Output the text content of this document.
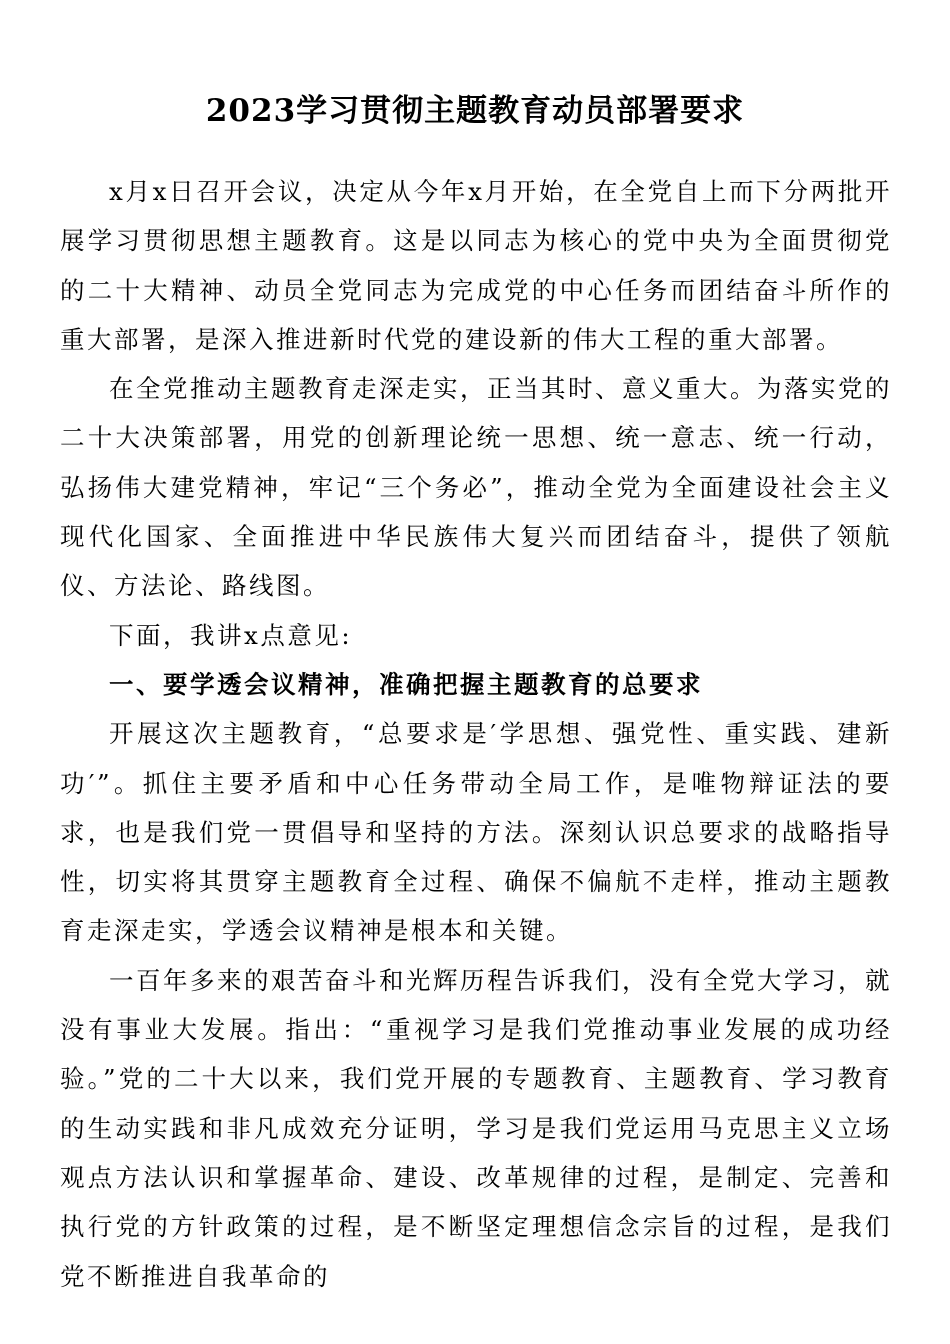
2023学习贯彻主题教育动员部署要求

x月x日召开会议，决定从今年x月开始，在全党自上而下分两批开展学习贯彻思想主题教育。这是以同志为核心的党中央为全面贯彻党的二十大精神、动员全党同志为完成党的中心任务而团结奋斗所作的重大部署，是深入推进新时代党的建设新的伟大工程的重大部署。

在全党推动主题教育走深走实，正当其时、意义重大。为落实党的二十大决策部署，用党的创新理论统一思想、统一意志、统一行动，弘扬伟大建党精神，牢记“三个务必”，推动全党为全面建设社会主义现代化国家、全面推进中华民族伟大复兴而团结奋斗，提供了领航仪、方法论、路线图。

下面，我讲x点意见:

一、要学透会议精神，准确把握主题教育的总要求

开展这次主题教育，“总要求是′学思想、强党性、重实践、建新功′”。抓住主要矛盾和中心任务带动全局工作，是唯物辩证法的要求，也是我们党一贯倡导和坚持的方法。深刻认识总要求的战略指导性，切实将其贯穿主题教育全过程、确保不偏航不走样，推动主题教育走深走实，学透会议精神是根本和关键。

一百年多来的艰苦奋斗和光辉历程告诉我们，没有全党大学习，就没有事业大发展。指出：“重视学习是我们党推动事业发展的成功经验。”党的二十大以来，我们党开展的专题教育、主题教育、学习教育的生动实践和非凡成效充分证明，学习是我们党运用马克思主义立场观点方法认识和掌握革命、建设、改革规律的过程，是制定、完善和执行党的方针政策的过程，是不断坚定理想信念宗旨的过程，是我们党不断推进自我革命的
